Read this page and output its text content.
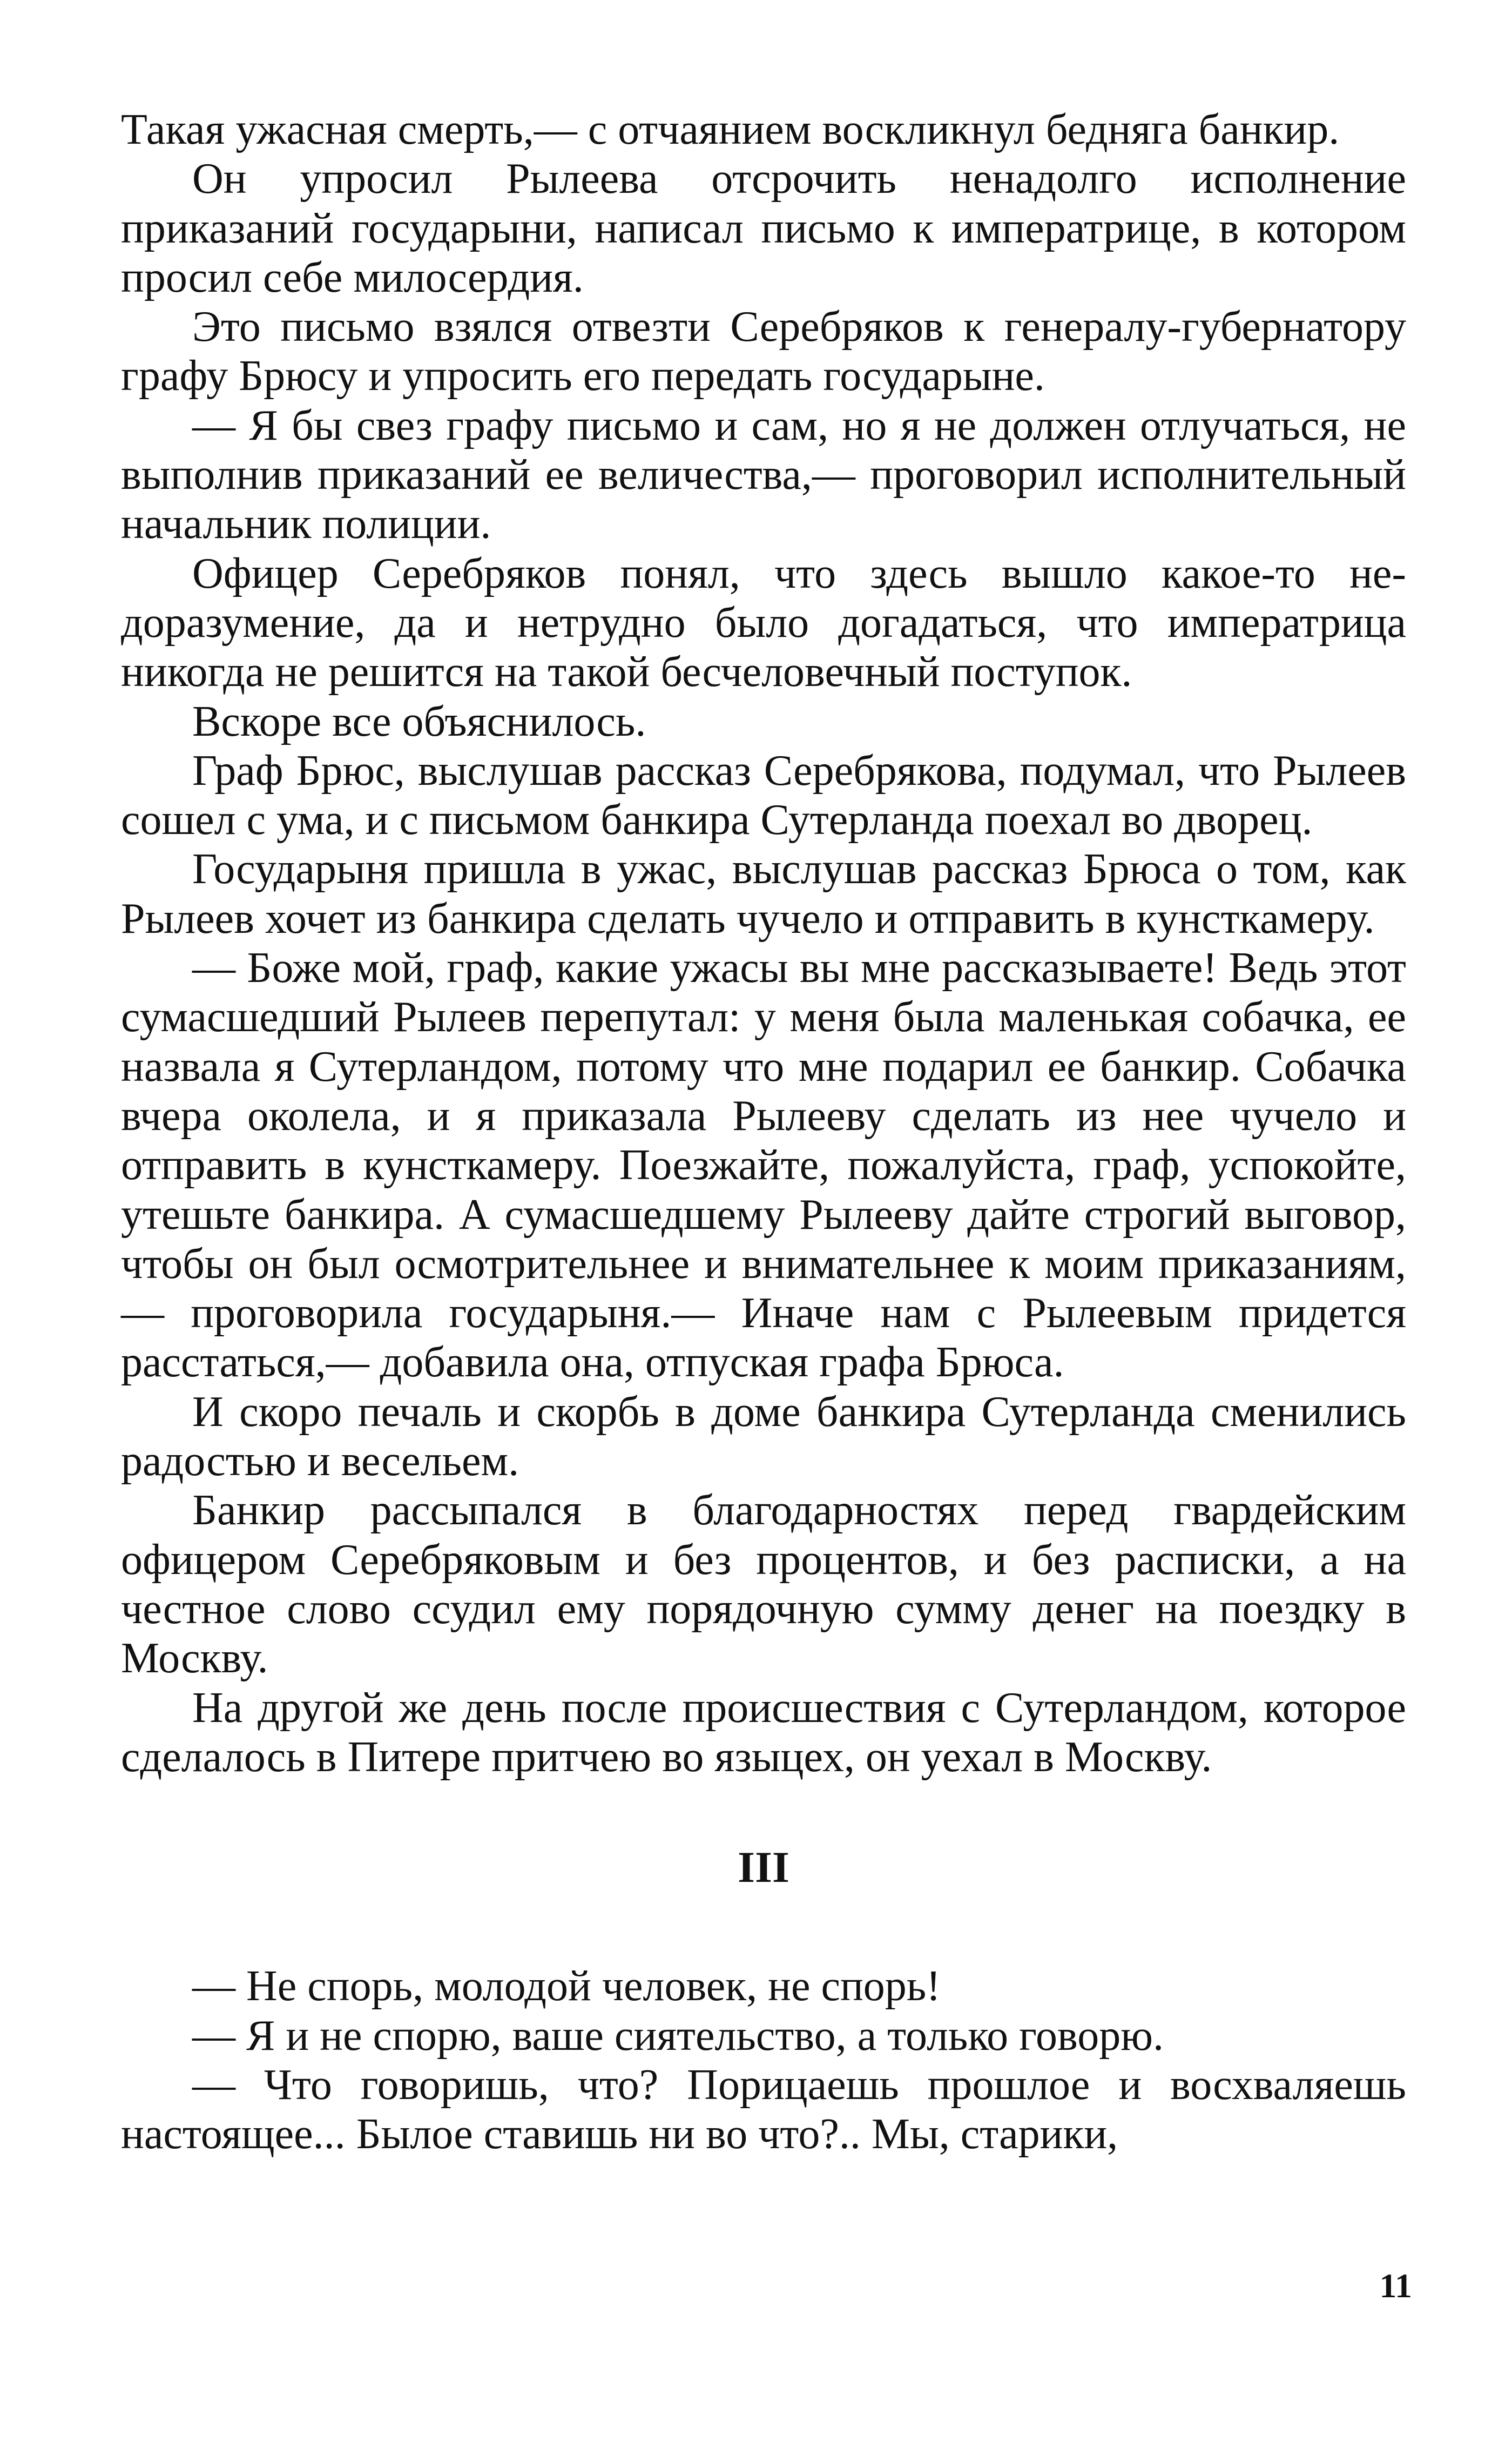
Такая ужасная смерть,— с отчаянием воскликнул бедняга банкир.

Он упросил Рылеева отсрочить ненадолго исполнение приказаний государыни, написал письмо к императрице, в котором просил себе милосердия.

Это письмо взялся отвезти Серебряков к генералу-губернатору графу Брюсу и упросить его передать государыне.

— Я бы свез графу письмо и сам, но я не должен отлучаться, не выполнив приказаний ее величества,— проговорил исполнительный начальник полиции.

Офицер Серебряков понял, что здесь вышло какое-то недоразумение, да и нетрудно было догадаться, что императрица никогда не решится на такой бесчеловечный поступок.

Вскоре все объяснилось.

Граф Брюс, выслушав рассказ Серебрякова, подумал, что Рылеев сошел с ума, и с письмом банкира Сутерланда поехал во дворец.

Государыня пришла в ужас, выслушав рассказ Брюса о том, как Рылеев хочет из банкира сделать чучело и отправить в кунсткамеру.

— Боже мой, граф, какие ужасы вы мне рассказываете! Ведь этот сумасшедший Рылеев перепутал: у меня была маленькая собачка, ее назвала я Сутерландом, потому что мне подарил ее банкир. Собачка вчера околела, и я приказала Рылееву сделать из нее чучело и отправить в кунсткамеру. Поезжайте, пожалуйста, граф, успокойте, утешьте банкира. А сумасшедшему Рылееву дайте строгий выговор, чтобы он был осмотрительнее и внимательнее к моим приказаниям,— проговорила государыня.— Иначе нам с Рылеевым придется расстаться,— добавила она, отпуская графа Брюса.

И скоро печаль и скорбь в доме банкира Сутерланда сменились радостью и весельем.

Банкир рассыпался в благодарностях перед гвардейским офицером Серебряковым и без процентов, и без расписки, а на честное слово ссудил ему порядочную сумму денег на поездку в Москву.

На другой же день после происшествия с Сутерландом, которое сделалось в Питере притчею во языцех, он уехал в Москву.

III

— Не спорь, молодой человек, не спорь!

— Я и не спорю, ваше сиятельство, а только говорю.

— Что говоришь, что? Порицаешь прошлое и восхваляешь настоящее... Былое ставишь ни во что?.. Мы, старики,

11
